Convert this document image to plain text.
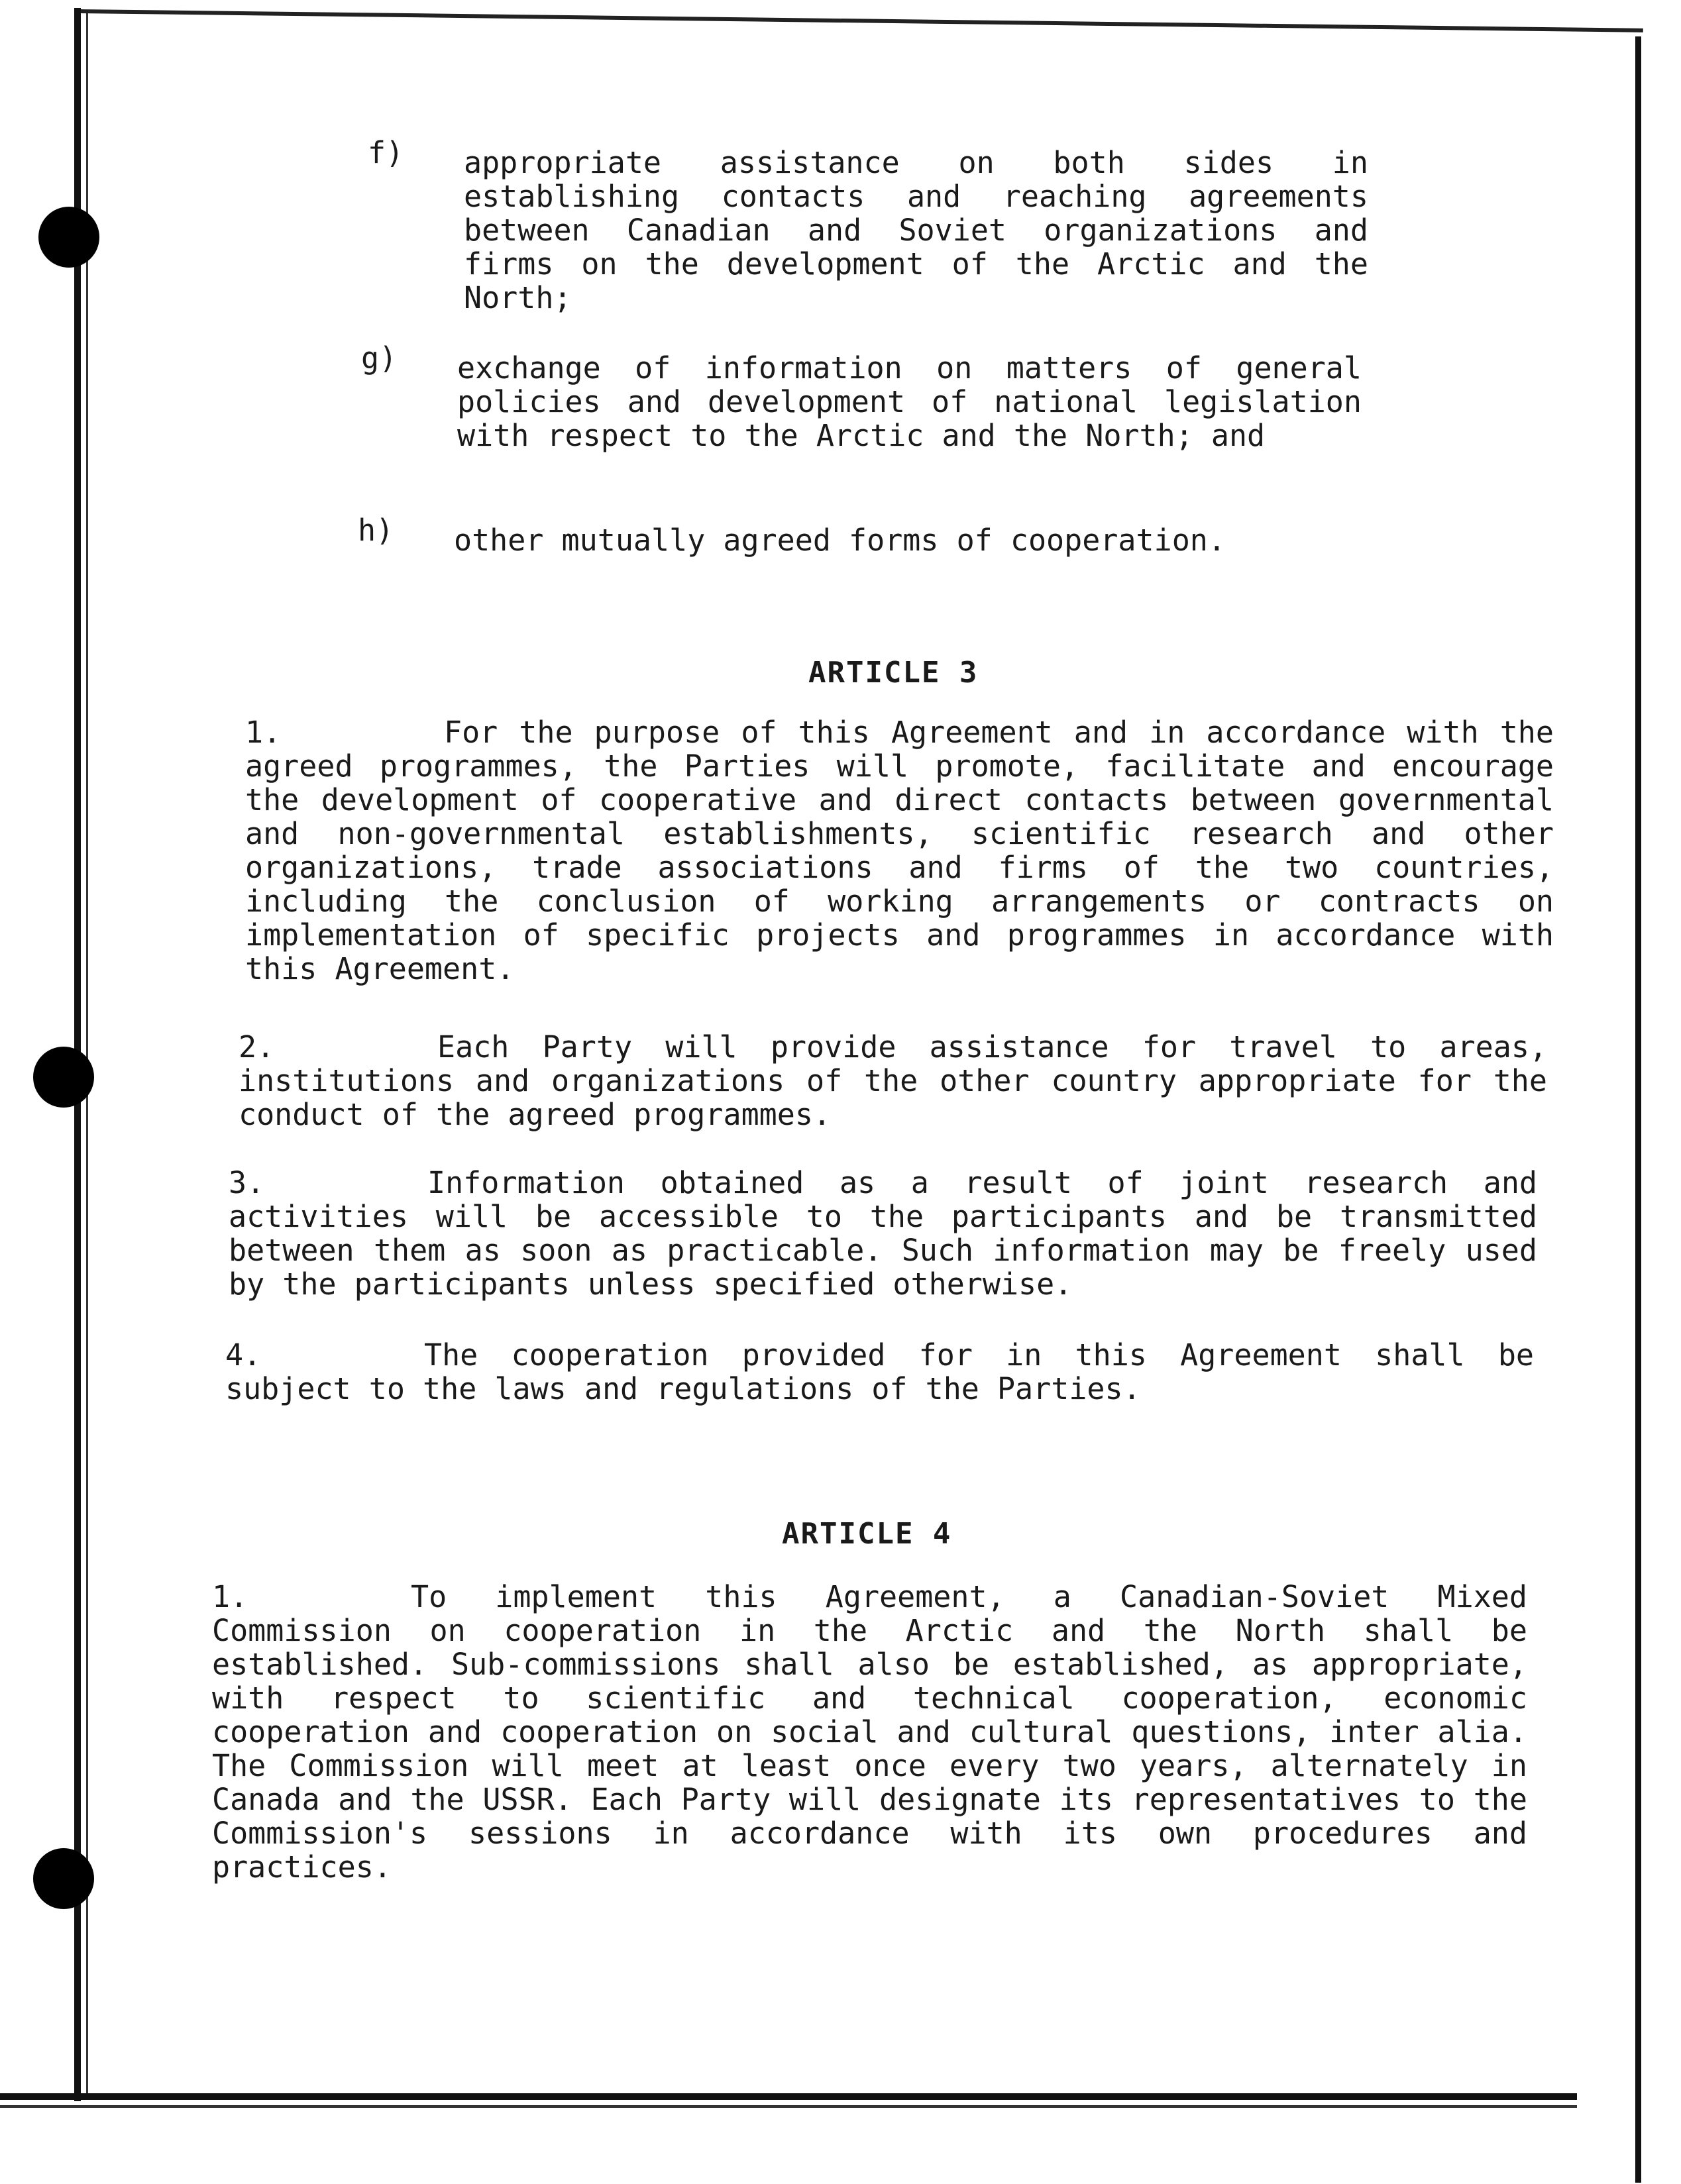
f) appropriate assistance on both sides in establishing contacts and reaching agreements between Canadian and Soviet organizations and firms on the development of the Arctic and the North;
g) exchange of information on matters of general policies and development of national legislation with respect to the Arctic and the North; and
h) other mutually agreed forms of cooperation.
ARTICLE 3
1.	For the purpose of this Agreement and in accordance with the agreed programmes, the Parties will promote, facilitate and encourage the development of cooperative and direct contacts between governmental and non-governmental establishments, scientific research and other organizations, trade associations and firms of the two countries, including the conclusion of working arrangements or contracts on implementation of specific projects and programmes in accordance with this Agreement.
2.	Each Party will provide assistance for travel to areas, institutions and organizations of the other country appropriate for the conduct of the agreed programmes.
3.	Information obtained as a result of joint research and activities will be accessible to the participants and be transmitted between them as soon as practicable. Such information may be freely used by the participants unless specified otherwise.
4.	The cooperation provided for in this Agreement shall be subject to the laws and regulations of the Parties.
ARTICLE 4
1.	To implement this Agreement, a Canadian-Soviet Mixed Commission on cooperation in the Arctic and the North shall be established. Sub-commissions shall also be established, as appropriate, with respect to scientific and technical cooperation, economic cooperation and cooperation on social and cultural questions, inter alia. The Commission will meet at least once every two years, alternately in Canada and the USSR. Each Party will designate its representatives to the Commission's sessions in accordance with its own procedures and practices.
